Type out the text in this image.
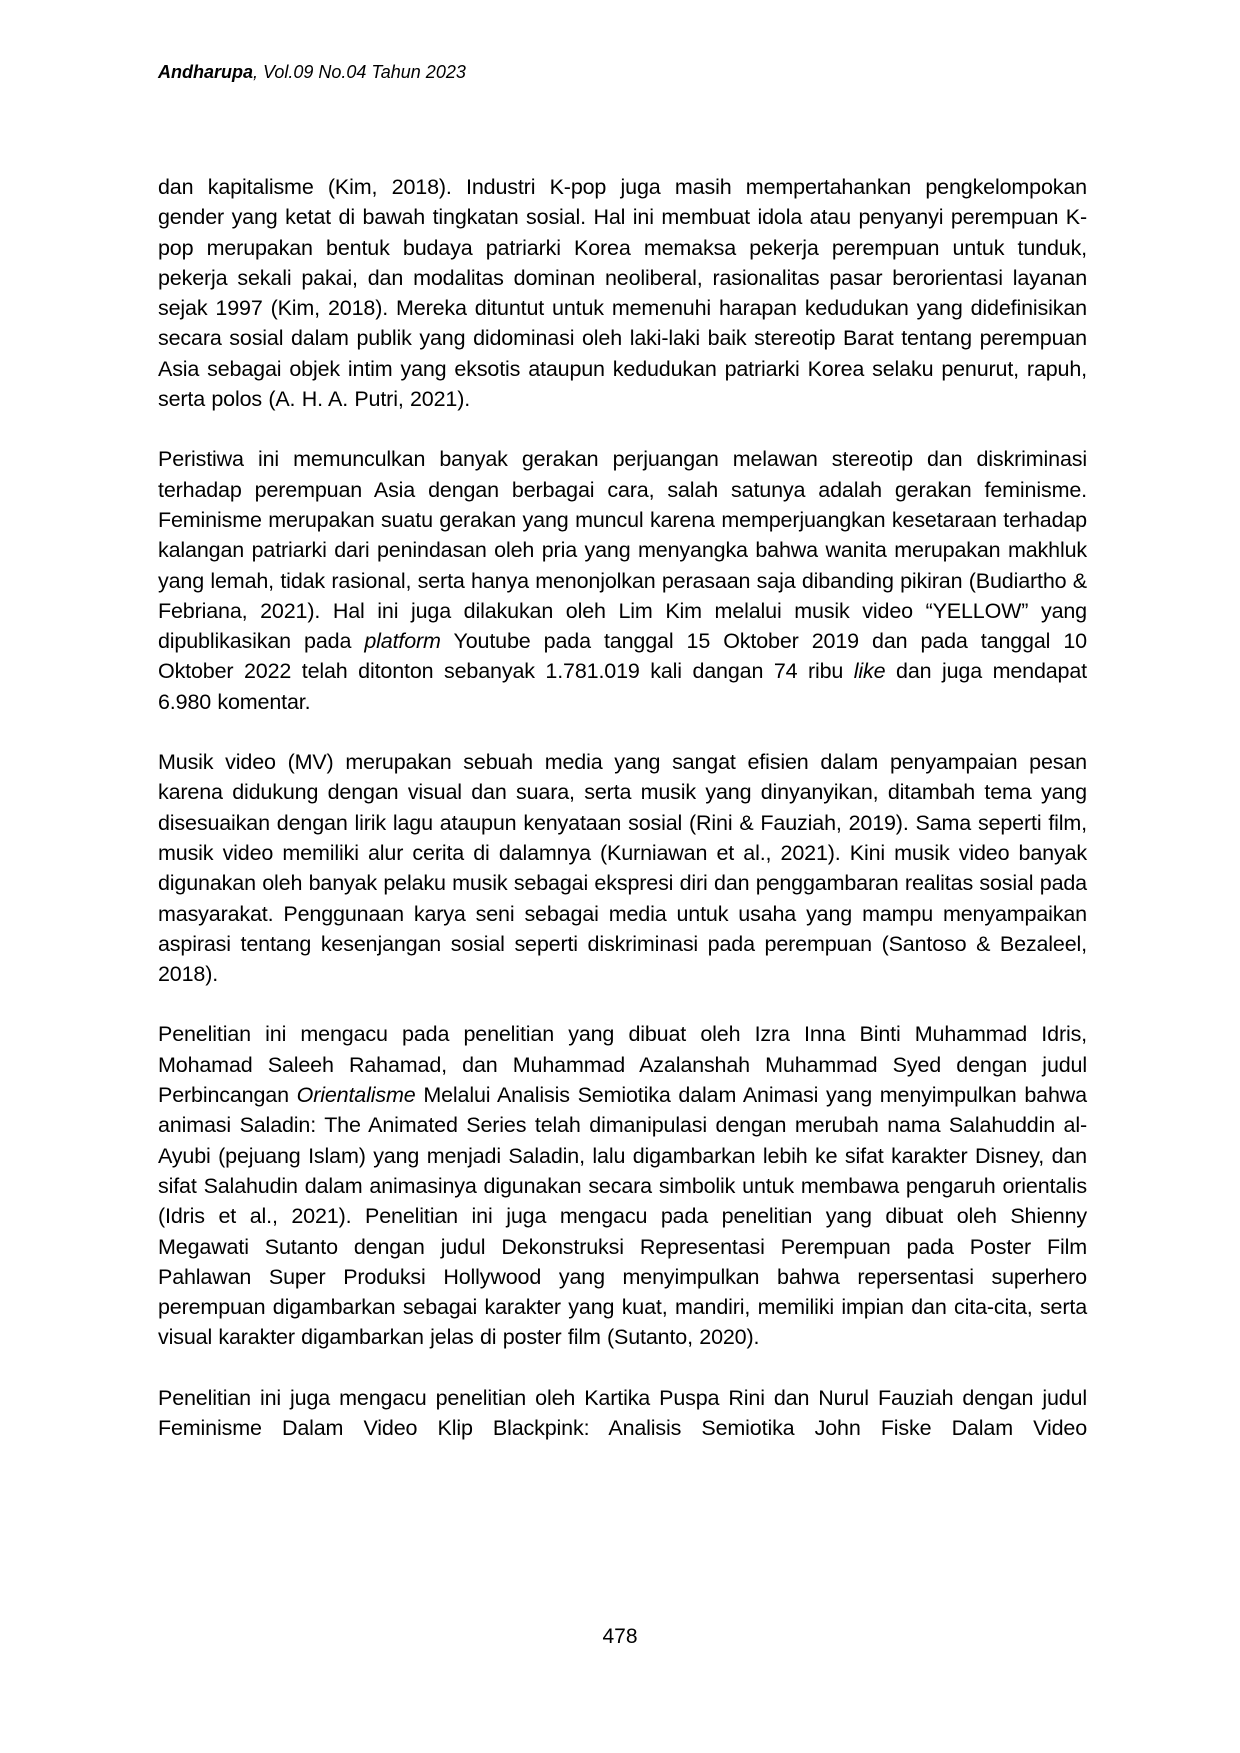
Andharupa, Vol.09 No.04 Tahun 2023

dan kapitalisme (Kim, 2018). Industri K-pop juga masih mempertahankan pengkelompokan gender yang ketat di bawah tingkatan sosial. Hal ini membuat idola atau penyanyi perempuan K-pop merupakan bentuk budaya patriarki Korea memaksa pekerja perempuan untuk tunduk, pekerja sekali pakai, dan modalitas dominan neoliberal, rasionalitas pasar berorientasi layanan sejak 1997 (Kim, 2018). Mereka dituntut untuk memenuhi harapan kedudukan yang didefinisikan secara sosial dalam publik yang didominasi oleh laki-laki baik stereotip Barat tentang perempuan Asia sebagai objek intim yang eksotis ataupun kedudukan patriarki Korea selaku penurut, rapuh, serta polos (A. H. A. Putri, 2021).

Peristiwa ini memunculkan banyak gerakan perjuangan melawan stereotip dan diskriminasi terhadap perempuan Asia dengan berbagai cara, salah satunya adalah gerakan feminisme. Feminisme merupakan suatu gerakan yang muncul karena memperjuangkan kesetaraan terhadap kalangan patriarki dari penindasan oleh pria yang menyangka bahwa wanita merupakan makhluk yang lemah, tidak rasional, serta hanya menonjolkan perasaan saja dibanding pikiran (Budiartho & Febriana, 2021). Hal ini juga dilakukan oleh Lim Kim melalui musik video “YELLOW” yang dipublikasikan pada platform Youtube pada tanggal 15 Oktober 2019 dan pada tanggal 10 Oktober 2022 telah ditonton sebanyak 1.781.019 kali dangan 74 ribu like dan juga mendapat 6.980 komentar.

Musik video (MV) merupakan sebuah media yang sangat efisien dalam penyampaian pesan karena didukung dengan visual dan suara, serta musik yang dinyanyikan, ditambah tema yang disesuaikan dengan lirik lagu ataupun kenyataan sosial (Rini & Fauziah, 2019). Sama seperti film, musik video memiliki alur cerita di dalamnya (Kurniawan et al., 2021). Kini musik video banyak digunakan oleh banyak pelaku musik sebagai ekspresi diri dan penggambaran realitas sosial pada masyarakat. Penggunaan karya seni sebagai media untuk usaha yang mampu menyampaikan aspirasi tentang kesenjangan sosial seperti diskriminasi pada perempuan (Santoso & Bezaleel, 2018).

Penelitian ini mengacu pada penelitian yang dibuat oleh Izra Inna Binti Muhammad Idris, Mohamad Saleeh Rahamad, dan Muhammad Azalanshah Muhammad Syed dengan judul Perbincangan Orientalisme Melalui Analisis Semiotika dalam Animasi yang menyimpulkan bahwa animasi Saladin: The Animated Series telah dimanipulasi dengan merubah nama Salahuddin al-Ayubi (pejuang Islam) yang menjadi Saladin, lalu digambarkan lebih ke sifat karakter Disney, dan sifat Salahudin dalam animasinya digunakan secara simbolik untuk membawa pengaruh orientalis (Idris et al., 2021). Penelitian ini juga mengacu pada penelitian yang dibuat oleh Shienny Megawati Sutanto dengan judul Dekonstruksi Representasi Perempuan pada Poster Film Pahlawan Super Produksi Hollywood yang menyimpulkan bahwa repersentasi superhero perempuan digambarkan sebagai karakter yang kuat, mandiri, memiliki impian dan cita-cita, serta visual karakter digambarkan jelas di poster film (Sutanto, 2020).

Penelitian ini juga mengacu penelitian oleh Kartika Puspa Rini dan Nurul Fauziah dengan judul Feminisme Dalam Video Klip Blackpink: Analisis Semiotika John Fiske Dalam Video

478
